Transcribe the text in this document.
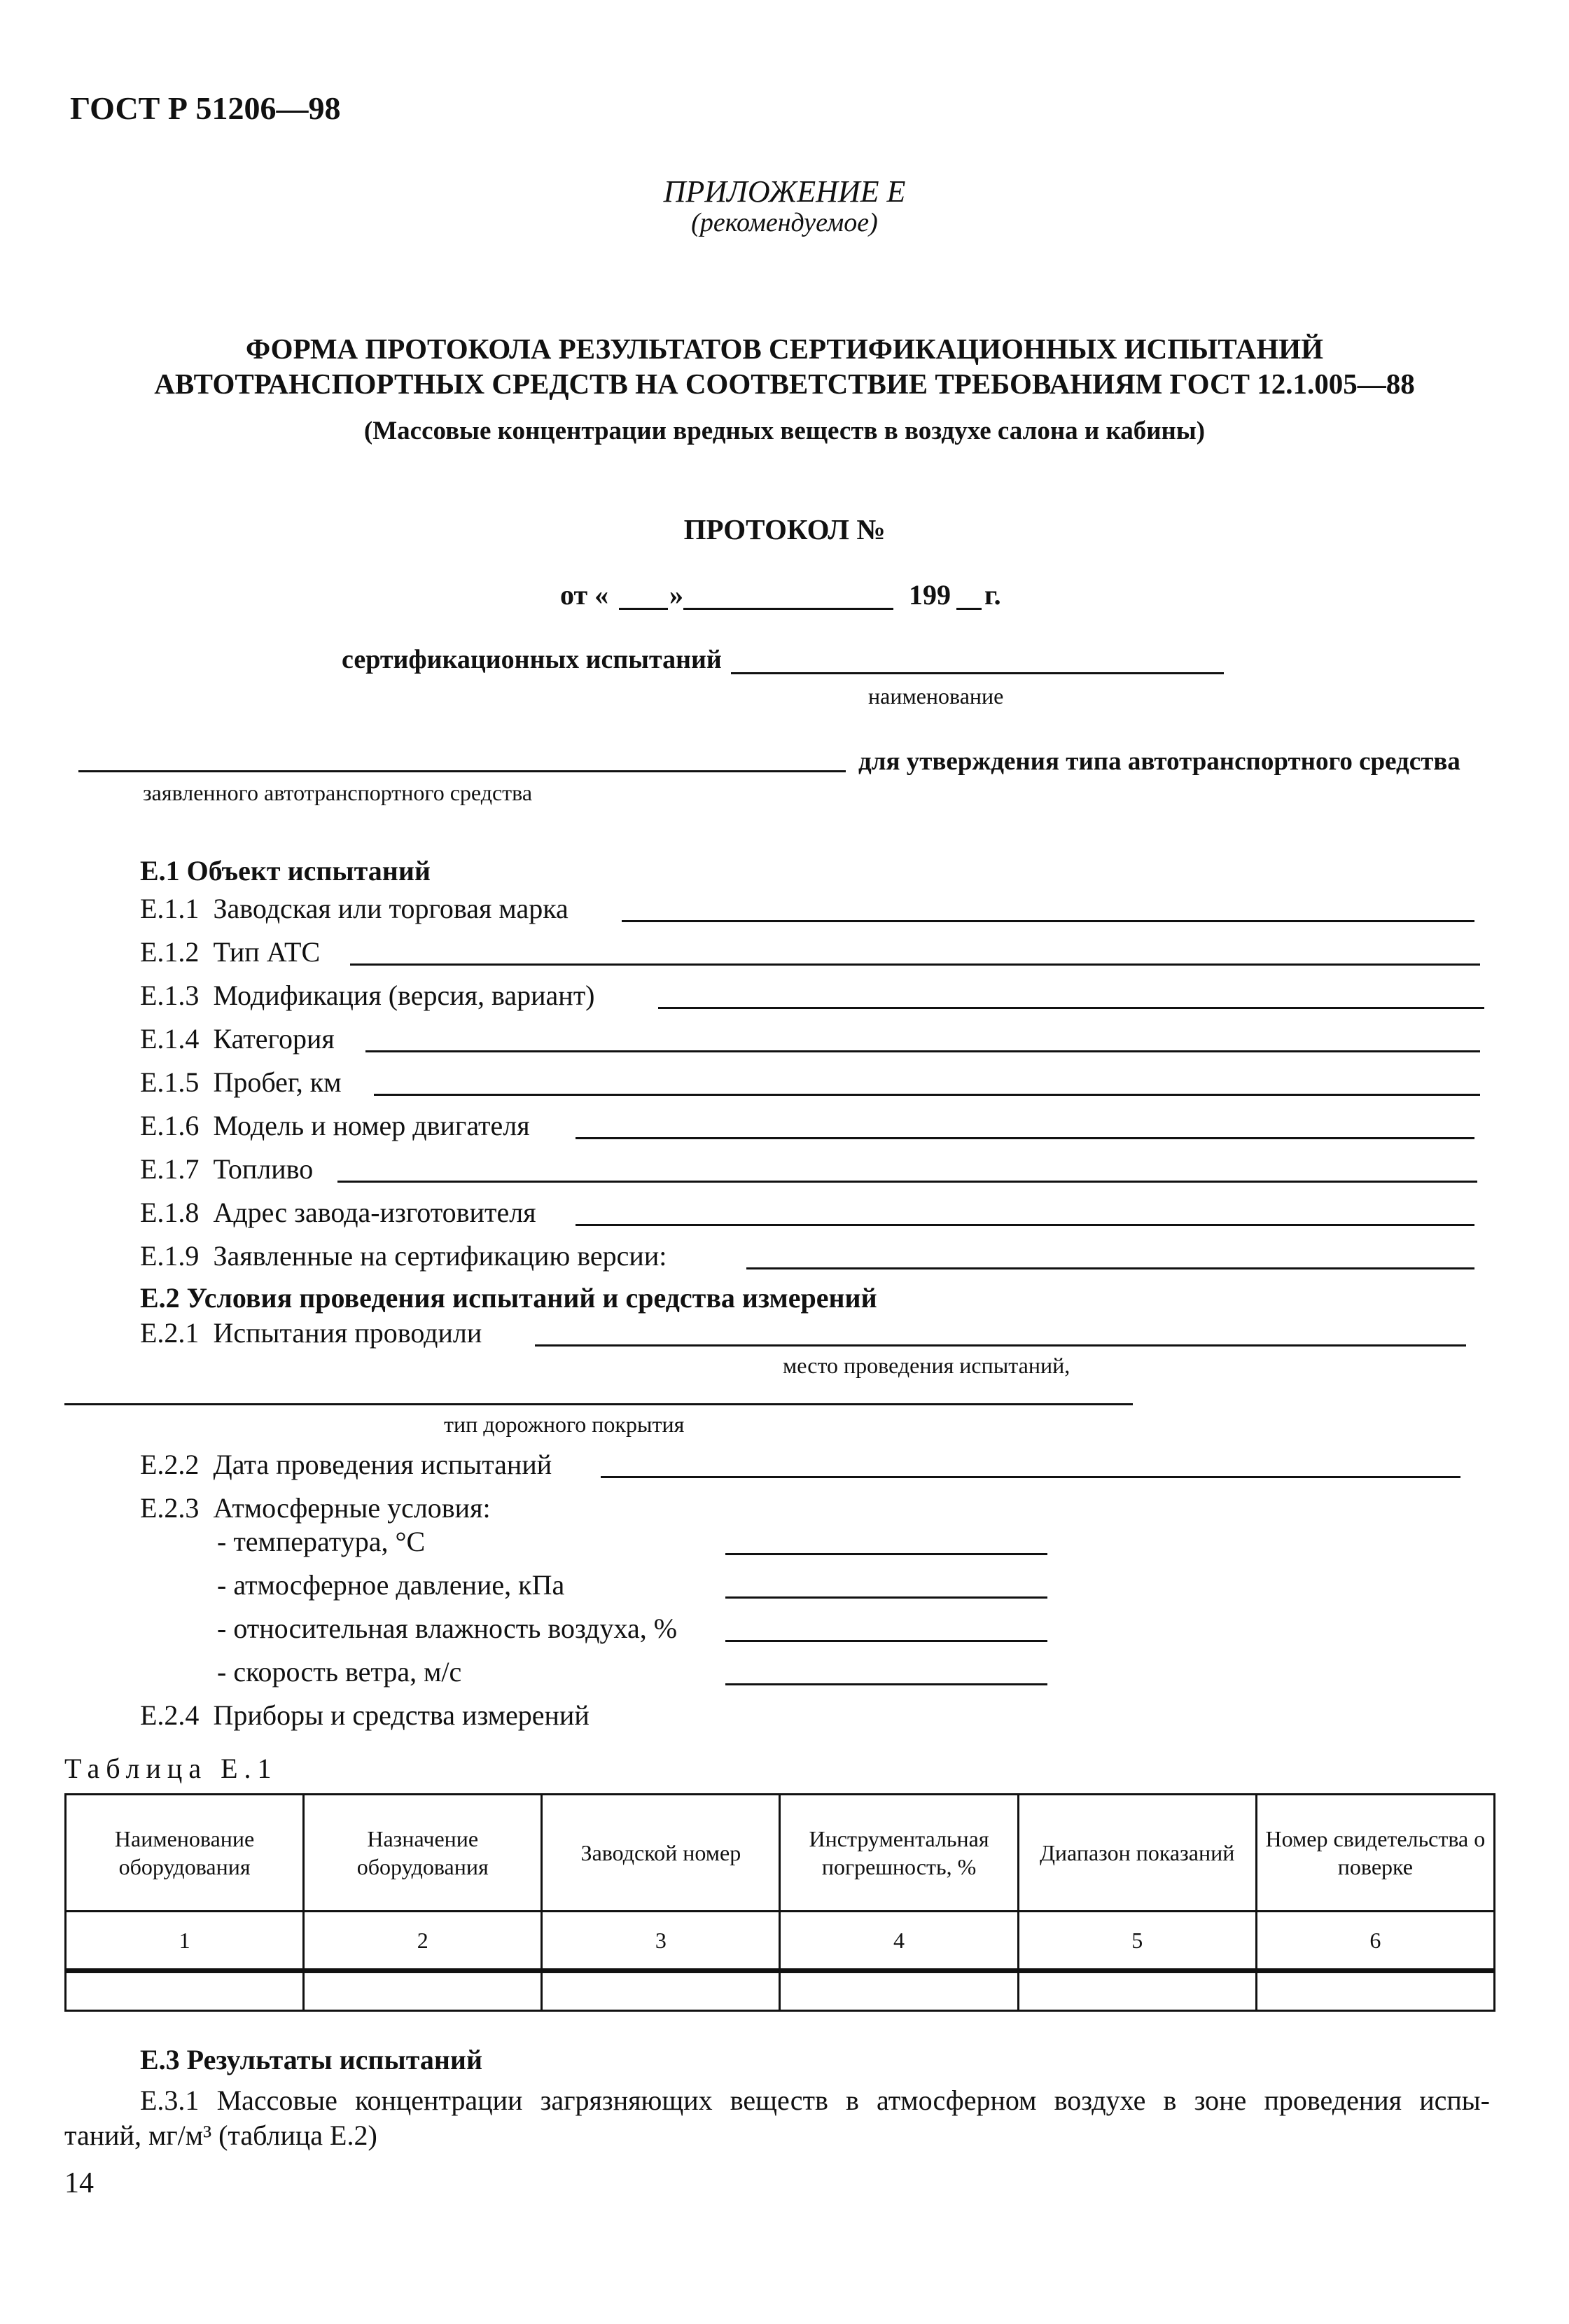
ГОСТ Р 51206—98
ПРИЛОЖЕНИЕ Е
(рекомендуемое)
ФОРМА ПРОТОКОЛА РЕЗУЛЬТАТОВ СЕРТИФИКАЦИОННЫХ ИСПЫТАНИЙ
АВТОТРАНСПОРТНЫХ СРЕДСТВ НА СООТВЕТСТВИЕ ТРЕБОВАНИЯМ ГОСТ 12.1.005—88
(Массовые концентрации вредных веществ в воздухе салона и кабины)
ПРОТОКОЛ №
от « »	199 г.
сертификационных испытаний
наименование
для утверждения типа автотранспортного средства
заявленного автотранспортного средства
Е.1 Объект испытаний
Е.1.1 Заводская или торговая марка
Е.1.2 Тип АТС
Е.1.3 Модификация (версия, вариант)
Е.1.4 Категория
Е.1.5 Пробег, км
Е.1.6 Модель и номер двигателя
Е.1.7 Топливо
Е.1.8 Адрес завода-изготовителя
Е.1.9 Заявленные на сертификацию версии:
Е.2 Условия проведения испытаний и средства измерений
Е.2.1 Испытания проводили
место проведения испытаний,
тип дорожного покрытия
Е.2.2 Дата проведения испытаний
Е.2.3 Атмосферные условия:
- температура, °С
- атмосферное давление, кПа
- относительная влажность воздуха, %
- скорость ветра, м/с
Е.2.4 Приборы и средства измерений
Таблица Е.1
Наименование оборудования	Назначение оборудования	Заводской номер	Инструментальная погрешность, %	Диапазон показаний	Номер свидетельства о поверке
1	2	3	4	5	6

Е.3 Результаты испытаний
Е.3.1 Массовые концентрации загрязняющих веществ в атмосферном воздухе в зоне проведения испы-
таний, мг/м³ (таблица Е.2)
14
